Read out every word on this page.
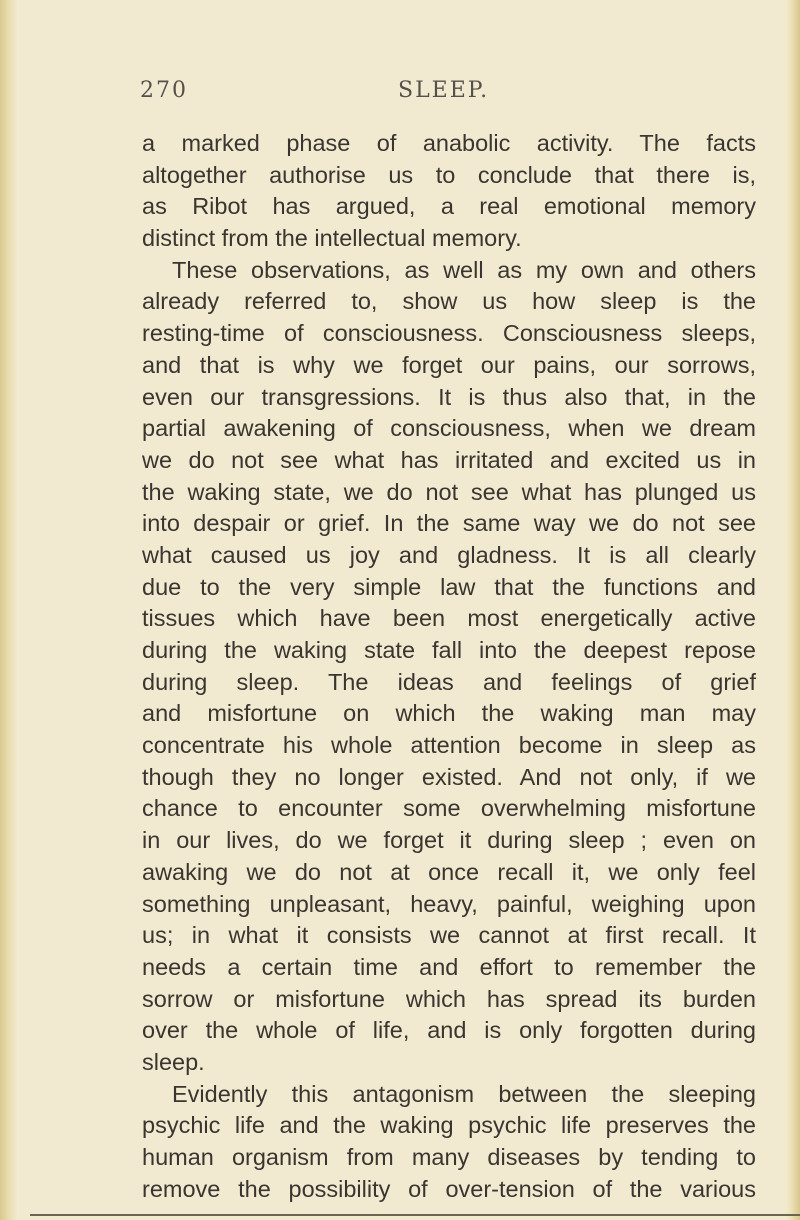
270	SLEEP.
a marked phase of anabolic activity. The facts
altogether authorise us to conclude that there is,
as Ribot has argued, a real emotional memory
distinct from the intellectual memory.
These observations, as well as my own and others
already referred to, show us how sleep is the
resting-time of consciousness. Consciousness sleeps,
and that is why we forget our pains, our sorrows,
even our transgressions. It is thus also that, in the
partial awakening of consciousness, when we dream
we do not see what has irritated and excited us in
the waking state, we do not see what has plunged us
into despair or grief. In the same way we do not see
what caused us joy and gladness. It is all clearly
due to the very simple law that the functions and
tissues which have been most energetically active
during the waking state fall into the deepest repose
during sleep. The ideas and feelings of grief
and misfortune on which the waking man may
concentrate his whole attention become in sleep as
though they no longer existed. And not only, if we
chance to encounter some overwhelming misfortune
in our lives, do we forget it during sleep ; even on
awaking we do not at once recall it, we only feel
something unpleasant, heavy, painful, weighing upon
us; in what it consists we cannot at first recall. It
needs a certain time and effort to remember the
sorrow or misfortune which has spread its burden
over the whole of life, and is only forgotten during
sleep.
Evidently this antagonism between the sleeping
psychic life and the waking psychic life preserves the
human organism from many diseases by tending to
remove the possibility of over-tension of the various
